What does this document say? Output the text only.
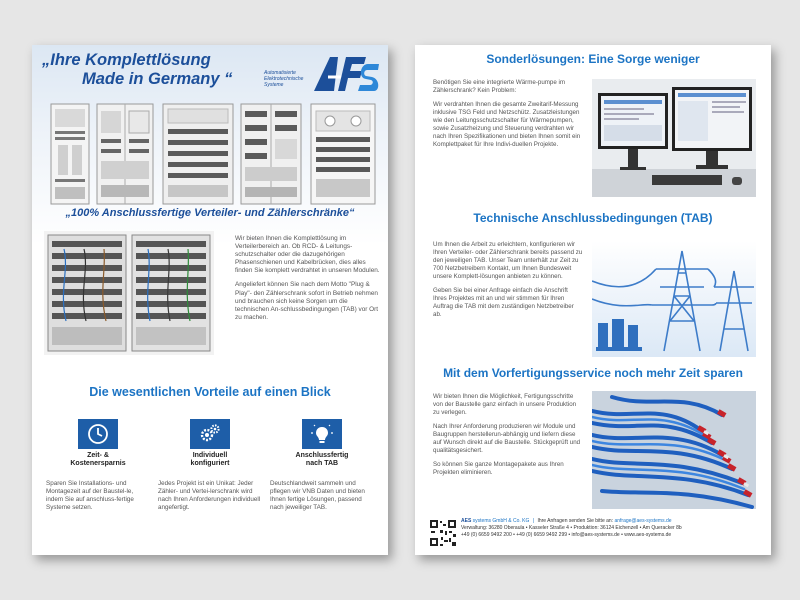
„Ihre Komplettlösung
Made in Germany “	Automatisierte
Elektrotechnische
Systeme
„100% Anschlussfertige Verteiler- und Zählerschränke“

Wir bieten Ihnen die Komplettlösung im Verteilerbereich an. Ob RCD- & Leitungs-schutzschalter oder die dazugehörigen Phasenschienen und Kabelbrücken, dies alles finden Sie komplett verdrahtet in unseren Modulen.

Angeliefert können Sie nach dem Motto "Plug & Play"- den Zählerschrank sofort in Betrieb nehmen und brauchen sich keine Sorgen um die technischen An-schlussbedingungen (TAB) vor Ort zu machen.

Die wesentlichen Vorteile auf einen Blick
Zeit- &
Kostenersparnis
Sparen Sie Installations- und Montagezeit auf der Baustel-le, indem Sie auf anschluss-fertige Systeme setzen.
Individuell
konfiguriert
Jedes Projekt ist ein Unikat: Jeder Zähler- und Vertei-lerschrank wird nach Ihren Anforderungen individuell angefertigt.
Anschlussfertig
nach TAB
Deutschlandweit sammeln und pflegen wir VNB Daten und bieten Ihnen fertige Lösungen, passend nach jeweiliger TAB.
Sonderlösungen: Eine Sorge weniger

Benötigen Sie eine integrierte Wärme-pumpe im Zählerschrank? Kein Problem:

Wir verdrahten Ihnen die gesamte Zweitarif-Messung inklusive TSG Feld und Netzschütz. Zusatzleistungen wie den Leitungsschutzschalter für Wärmepumpen, sowie Zusatzheizung und Steuerung verdrahten wir nach Ihren Spezifikationen und bieten Ihnen somit ein Komplettpaket für Ihre Indivi-duellen Projekte.

Technische Anschlussbedingungen (TAB)

Um Ihnen die Arbeit zu erleichtern, konfigurieren wir Ihren Verteiler- oder Zählerschrank bereits passend zu den jeweiligen TAB. Unser Team unterhält zur Zeit zu 700 Netzbetreibern Kontakt, um Ihnen Bundesweit unsere Komplett-lösungen anbieten zu können.

Geben Sie bei einer Anfrage einfach die Anschrift Ihres Projektes mit an und wir stimmen für Ihren Auftrag die TAB mit dem zuständigen Netzbetreiber ab.

Mit dem Vorfertigungsservice noch mehr Zeit sparen

Wir bieten Ihnen die Möglichkeit, Fertigungsschritte von der Baustelle ganz einfach in unsere Produktion zu verlegen.

Nach Ihrer Anforderung produzieren wir Module und Baugruppen herstellerun-abhängig und liefern diese auf Wunsch direkt auf die Baustelle. Stückgeprüft und qualitätsgesichert.

So können Sie ganze Montagepakete aus Ihren Projekten eliminieren.

AES systems GmbH & Co. KG | Ihre Anfragen senden Sie bitte an: anfrage@aes-systems.de
Verwaltung: 36280 Oberaula • Kasseler Straße 4 • Produktion: 36124 Eichenzell • Am Queracker 8b
+49 (0) 6659 9492 200 • +49 (0) 6659 9492 299 • info@aes-systems.de • www.aes-systems.de
